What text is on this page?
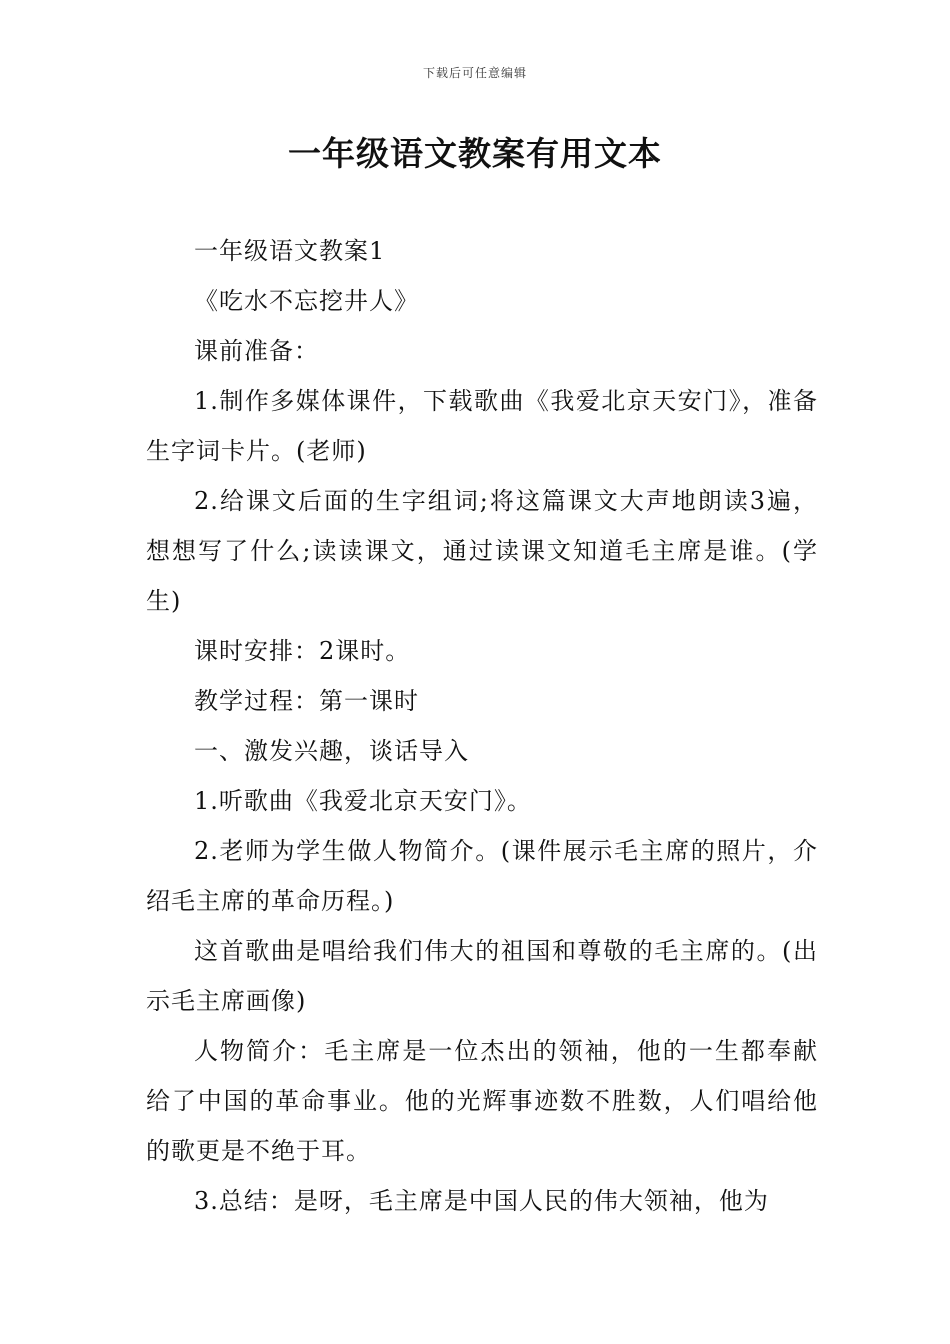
下载后可任意编辑
一年级语文教案有用文本

一年级语文教案1

《吃水不忘挖井人》

课前准备：

1.制作多媒体课件，下载歌曲《我爱北京天安门》，准备生字词卡片。(老师)

2.给课文后面的生字组词;将这篇课文大声地朗读3遍，想想写了什么;读读课文，通过读课文知道毛主席是谁。(学生)

课时安排：2课时。

教学过程：第一课时

一、激发兴趣，谈话导入

1.听歌曲《我爱北京天安门》。

2.老师为学生做人物简介。(课件展示毛主席的照片，介绍毛主席的革命历程。)

这首歌曲是唱给我们伟大的祖国和尊敬的毛主席的。(出示毛主席画像)

人物简介：毛主席是一位杰出的领袖，他的一生都奉献给了中国的革命事业。他的光辉事迹数不胜数，人们唱给他的歌更是不绝于耳。

3.总结：是呀，毛主席是中国人民的伟大领袖，他为
